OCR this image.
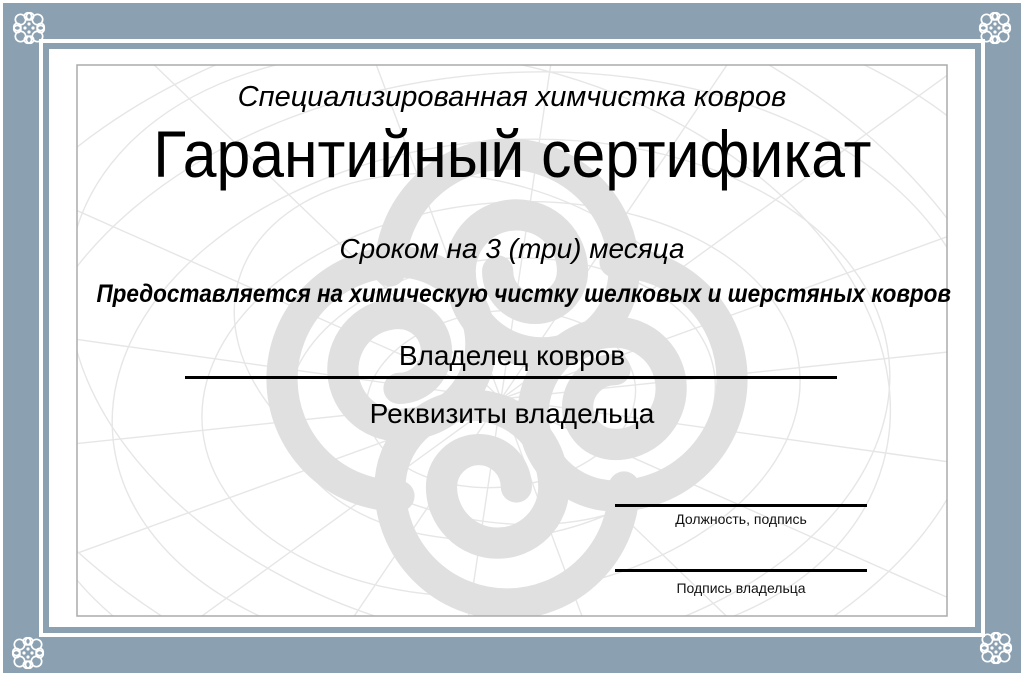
Специализированная химчистка ковров
Гарантийный сертификат
Сроком на 3 (три) месяца
Предоставляется на химическую чистку шелковых и шерстяных ковров
Владелец ковров
Реквизиты владельца
Должность, подпись
Подпись владельца
